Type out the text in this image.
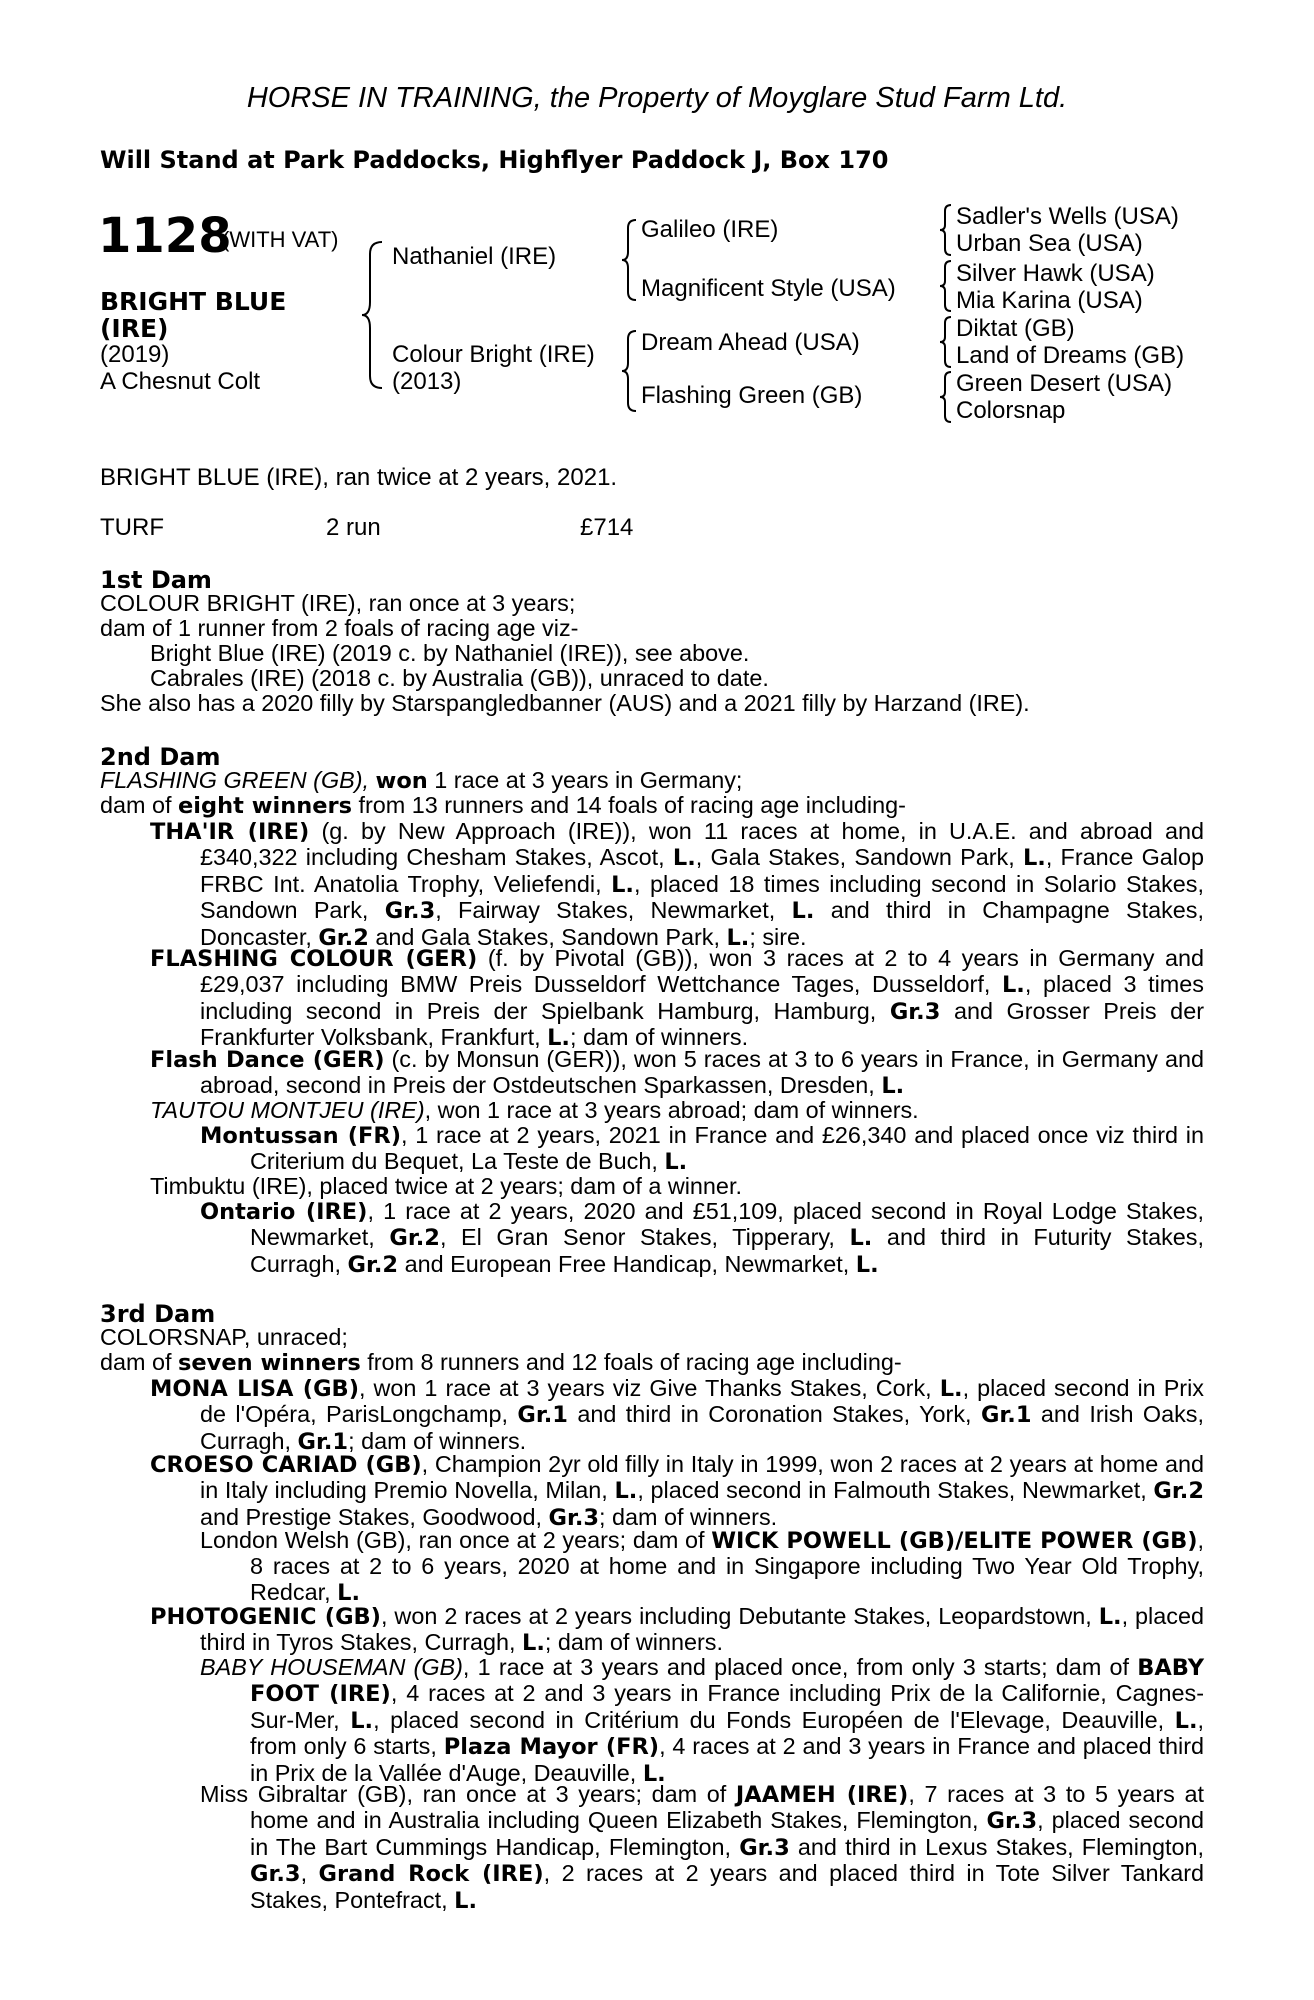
HORSE IN TRAINING, the Property of Moyglare Stud Farm Ltd.
Will Stand at Park Paddocks, Highflyer Paddock J, Box 170
1128
(WITH VAT)
BRIGHT BLUE (IRE)
(2019)
A Chesnut Colt
Nathaniel (IRE)
Colour Bright (IRE)
(2013)
Galileo (IRE)
Magnificent Style (USA)
Dream Ahead (USA)
Flashing Green (GB)
Sadler's Wells (USA)
Urban Sea (USA)
Silver Hawk (USA)
Mia Karina (USA)
Diktat (GB)
Land of Dreams (GB)
Green Desert (USA)
Colorsnap
BRIGHT BLUE (IRE), ran twice at 2 years, 2021.
TURF	2 run	£714
1st Dam
COLOUR BRIGHT (IRE), ran once at 3 years;
dam of 1 runner from 2 foals of racing age viz-
Bright Blue (IRE) (2019 c. by Nathaniel (IRE)), see above.
Cabrales (IRE) (2018 c. by Australia (GB)), unraced to date.
She also has a 2020 filly by Starspangledbanner (AUS) and a 2021 filly by Harzand (IRE).
2nd Dam
FLASHING GREEN (GB), won 1 race at 3 years in Germany;
dam of eight winners from 13 runners and 14 foals of racing age including-
THA'IR (IRE) (g. by New Approach (IRE)), won 11 races at home, in U.A.E. and abroad and £340,322 including Chesham Stakes, Ascot, L., Gala Stakes, Sandown Park, L., France Galop FRBC Int. Anatolia Trophy, Veliefendi, L., placed 18 times including second in Solario Stakes, Sandown Park, Gr.3, Fairway Stakes, Newmarket, L. and third in Champagne Stakes, Doncaster, Gr.2 and Gala Stakes, Sandown Park, L.; sire.
FLASHING COLOUR (GER) (f. by Pivotal (GB)), won 3 races at 2 to 4 years in Germany and £29,037 including BMW Preis Dusseldorf Wettchance Tages, Dusseldorf, L., placed 3 times including second in Preis der Spielbank Hamburg, Hamburg, Gr.3 and Grosser Preis der Frankfurter Volksbank, Frankfurt, L.; dam of winners.
Flash Dance (GER) (c. by Monsun (GER)), won 5 races at 3 to 6 years in France, in Germany and abroad, second in Preis der Ostdeutschen Sparkassen, Dresden, L.
TAUTOU MONTJEU (IRE), won 1 race at 3 years abroad; dam of winners.
Montussan (FR), 1 race at 2 years, 2021 in France and £26,340 and placed once viz third in Criterium du Bequet, La Teste de Buch, L.
Timbuktu (IRE), placed twice at 2 years; dam of a winner.
Ontario (IRE), 1 race at 2 years, 2020 and £51,109, placed second in Royal Lodge Stakes, Newmarket, Gr.2, El Gran Senor Stakes, Tipperary, L. and third in Futurity Stakes, Curragh, Gr.2 and European Free Handicap, Newmarket, L.
3rd Dam
COLORSNAP, unraced;
dam of seven winners from 8 runners and 12 foals of racing age including-
MONA LISA (GB), won 1 race at 3 years viz Give Thanks Stakes, Cork, L., placed second in Prix de l'Opéra, ParisLongchamp, Gr.1 and third in Coronation Stakes, York, Gr.1 and Irish Oaks, Curragh, Gr.1; dam of winners.
CROESO CARIAD (GB), Champion 2yr old filly in Italy in 1999, won 2 races at 2 years at home and in Italy including Premio Novella, Milan, L., placed second in Falmouth Stakes, Newmarket, Gr.2 and Prestige Stakes, Goodwood, Gr.3; dam of winners.
London Welsh (GB), ran once at 2 years; dam of WICK POWELL (GB)/ELITE POWER (GB), 8 races at 2 to 6 years, 2020 at home and in Singapore including Two Year Old Trophy, Redcar, L.
PHOTOGENIC (GB), won 2 races at 2 years including Debutante Stakes, Leopardstown, L., placed third in Tyros Stakes, Curragh, L.; dam of winners.
BABY HOUSEMAN (GB), 1 race at 3 years and placed once, from only 3 starts; dam of BABY FOOT (IRE), 4 races at 2 and 3 years in France including Prix de la Californie, Cagnes-Sur-Mer, L., placed second in Critérium du Fonds Européen de l'Elevage, Deauville, L., from only 6 starts, Plaza Mayor (FR), 4 races at 2 and 3 years in France and placed third in Prix de la Vallée d'Auge, Deauville, L.
Miss Gibraltar (GB), ran once at 3 years; dam of JAAMEH (IRE), 7 races at 3 to 5 years at home and in Australia including Queen Elizabeth Stakes, Flemington, Gr.3, placed second in The Bart Cummings Handicap, Flemington, Gr.3 and third in Lexus Stakes, Flemington, Gr.3, Grand Rock (IRE), 2 races at 2 years and placed third in Tote Silver Tankard Stakes, Pontefract, L.
